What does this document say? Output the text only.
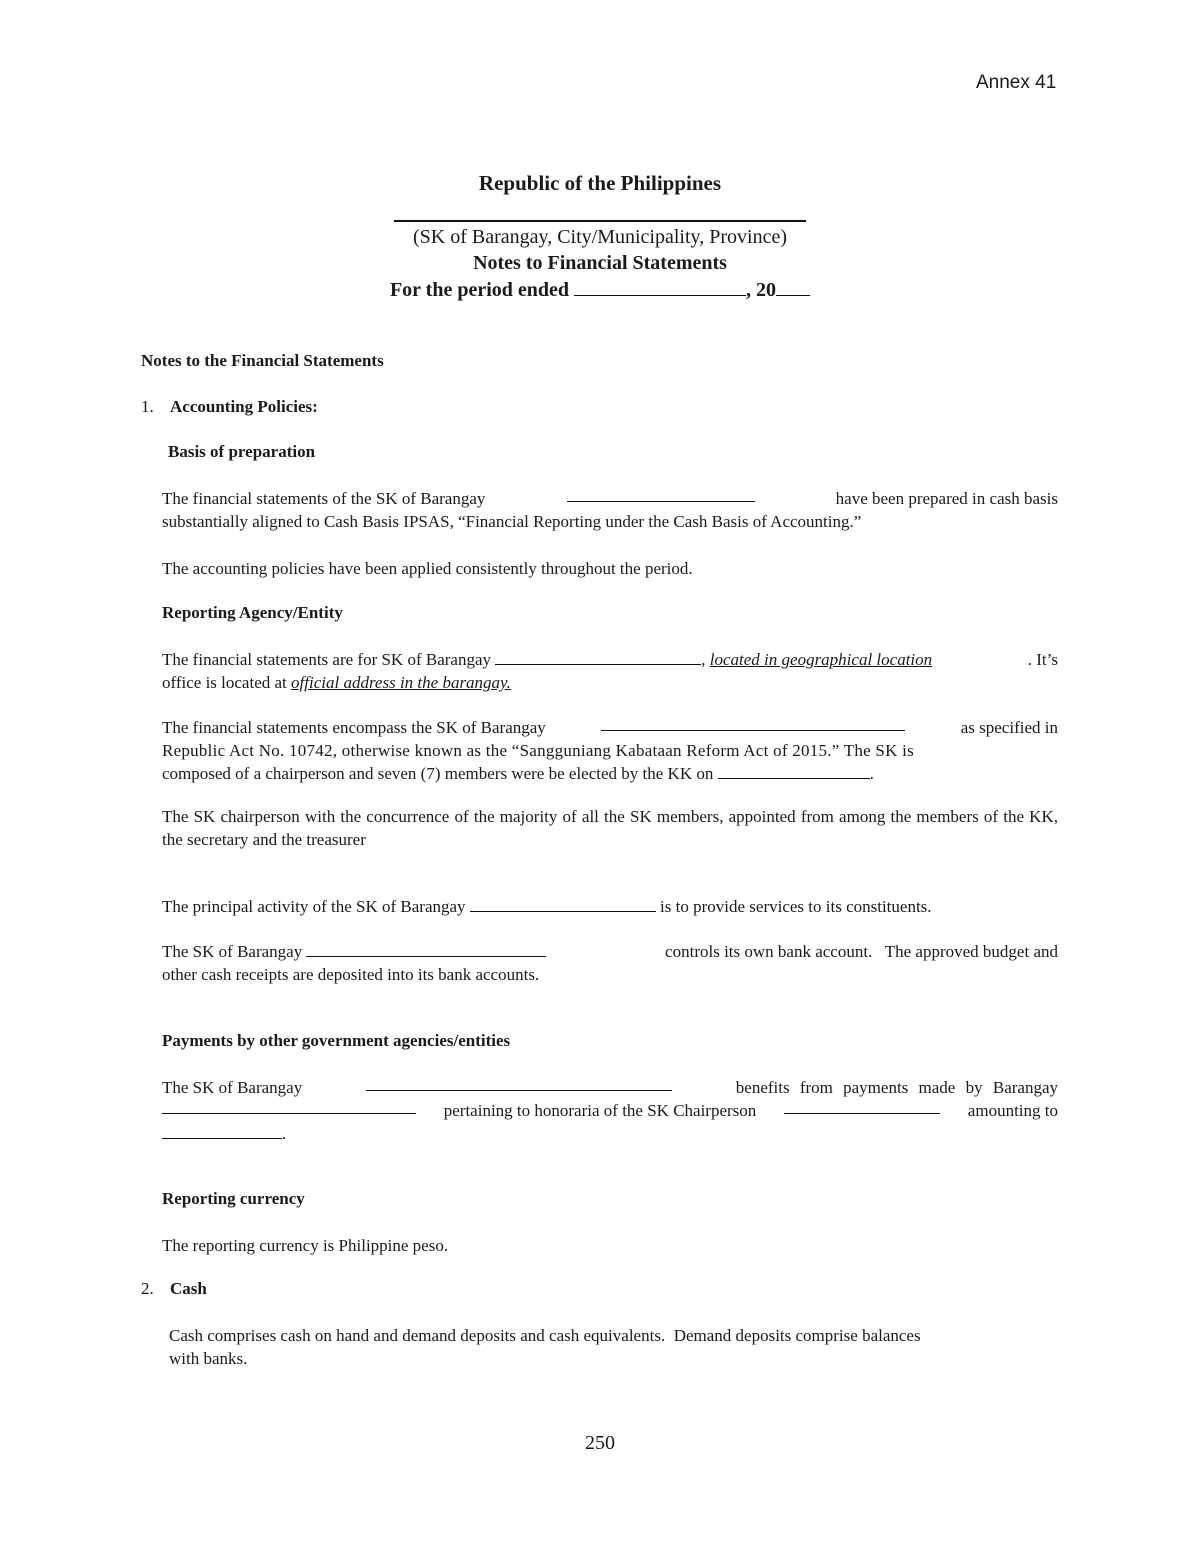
Annex 41
Republic of the Philippines
(SK of Barangay, City/Municipality, Province)
Notes to Financial Statements
For the period ended	, 20
Notes to the Financial Statements
1. Accounting Policies:
Basis of preparation
The financial statements of the SK of Barangay	have been prepared in cash basis
substantially aligned to Cash Basis IPSAS, “Financial Reporting under the Cash Basis of Accounting.”
The accounting policies have been applied consistently throughout the period.
Reporting Agency/Entity
The financial statements are for SK of Barangay	, located in geographical location	. It’s
office is located at official address in the barangay.
The financial statements encompass the SK of Barangay	as specified in
Republic Act No. 10742, otherwise known as the “Sangguniang Kabataan Reform Act of 2015.” The SK is
composed of a chairperson and seven (7) members were be elected by the KK on	.
The SK chairperson with the concurrence of the majority of all the SK members, appointed from among the members of the KK, the secretary and the treasurer
The principal activity of the SK of Barangay	is to provide services to its constituents.
The SK of Barangay	controls its own bank account.   The approved budget and
other cash receipts are deposited into its bank accounts.
Payments by other government agencies/entities
The SK of Barangay	benefits from payments made by Barangay
pertaining to honoraria of the SK Chairperson	amounting to
.
Reporting currency
The reporting currency is Philippine peso.
2. Cash
Cash comprises cash on hand and demand deposits and cash equivalents.  Demand deposits comprise balances
with banks.
250
